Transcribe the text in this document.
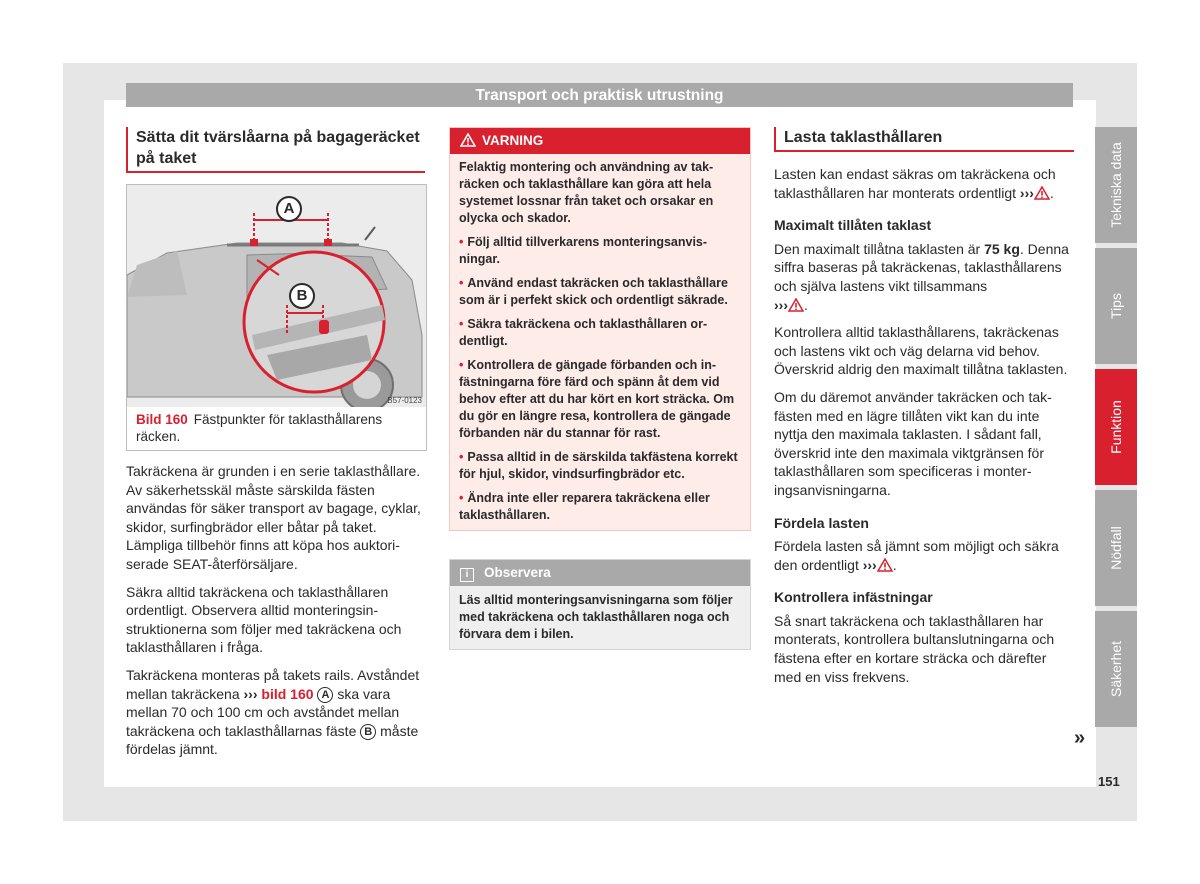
Transport och praktisk utrustning
Sätta dit tvärslåarna på bagageräcket på taket
A
B
B57-0123
Bild 160 Fästpunkter för taklasthållarens räcken.

Takräckena är grunden i en serie taklasthållare. Av säkerhetsskäl måste särskilda fästen användas för säker transport av bagage, cyklar, skidor, surfingbrädor eller båtar på taket. Lämpliga tillbehör finns att köpa hos auktoriserade SEAT-återförsäljare.

Säkra alltid takräckena och taklasthållaren ordentligt. Observera alltid monteringsinstruktionerna som följer med takräckena och taklasthållaren i fråga.

Takräckena monteras på takets rails. Avståndet mellan takräckena ››› bild 160 A ska vara mellan 70 och 100 cm och avståndet mellan takräckena och taklasthållarnas fäste B måste fördelas jämnt.

VARNING

Felaktig montering och användning av takräcken och taklasthållare kan göra att hela systemet lossnar från taket och orsakar en olycka och skador.

• Följ alltid tillverkarens monteringsanvisningar.

• Använd endast takräcken och taklasthållare som är i perfekt skick och ordentligt säkrade.

• Säkra takräckena och taklasthållaren ordentligt.

• Kontrollera de gängade förbanden och infästningarna före färd och spänn åt dem vid behov efter att du har kört en kort sträcka. Om du gör en längre resa, kontrollera de gängade förbanden när du stannar för rast.

• Passa alltid in de särskilda takfästena korrekt för hjul, skidor, vindsurfingbrädor etc.

• Ändra inte eller reparera takräckena eller taklasthållaren.

i Observera
Läs alltid monteringsanvisningarna som följer med takräckena och taklasthållaren noga och förvara dem i bilen.
Lasta taklasthållaren

Lasten kan endast säkras om takräckena och taklasthållaren har monterats ordentligt ››› .

Maximalt tillåten taklast

Den maximalt tillåtna taklasten är 75 kg. Denna siffra baseras på takräckenas, taklasthållarens och själva lastens vikt tillsammans
››› .

Kontrollera alltid taklasthållarens, takräckenas och lastens vikt och väg delarna vid behov. Överskrid aldrig den maximalt tillåtna taklasten.

Om du däremot använder takräcken och takfästen med en lägre tillåten vikt kan du inte nyttja den maximala taklasten. I sådant fall, överskrid inte den maximala viktgränsen för taklasthållaren som specificeras i monteringsanvisningarna.

Fördela lasten

Fördela lasten så jämnt som möjligt och säkra den ordentligt ››› .

Kontrollera infästningar

Så snart takräckena och taklasthållaren har monterats, kontrollera bultanslutningarna och fästena efter en kortare sträcka och därefter med en viss frekvens.

»
Tekniska data
Tips
Funktion
Nödfall
Säkerhet
151
